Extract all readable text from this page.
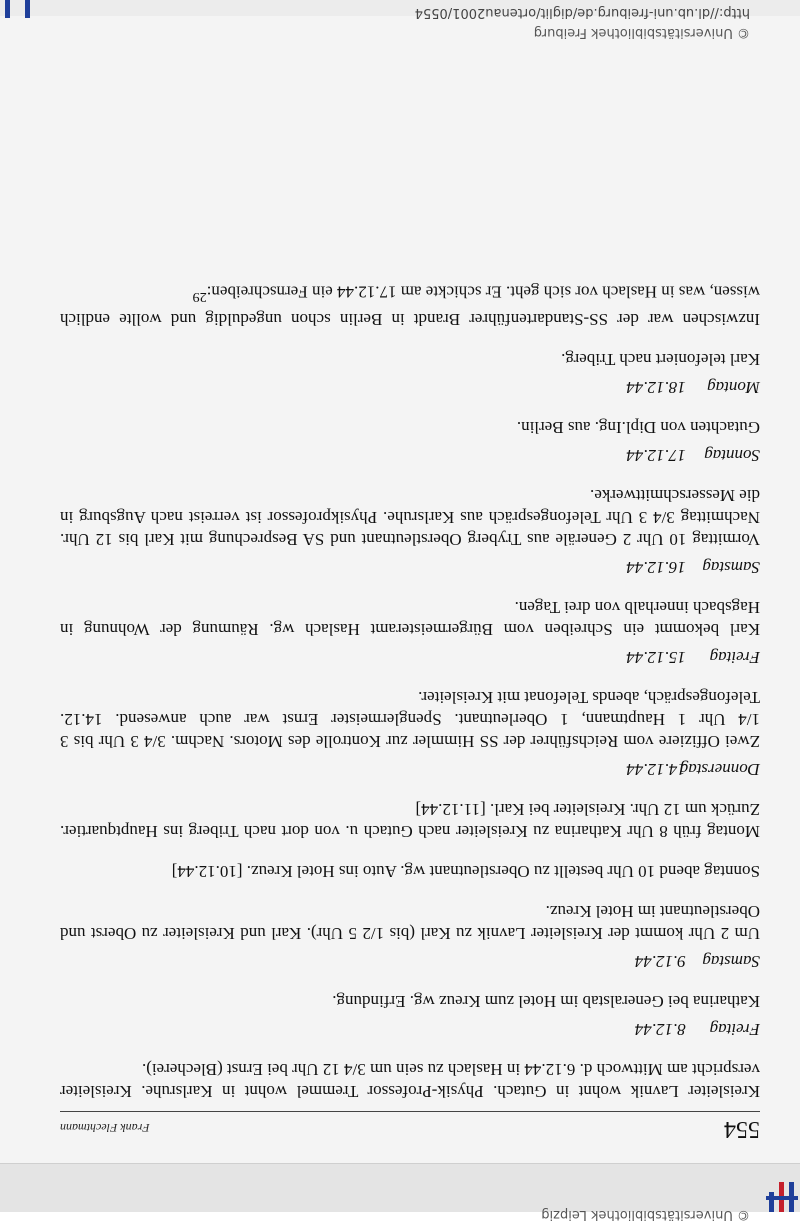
554
Frank Flechtmann

Kreisleiter Lavnik wohnt in Gutach. Physik-Professor Tremmel wohnt in Karlsruhe. Kreisleiter verspricht am Mittwoch d. 6.12.44 in Haslach zu sein um 3/4 12 Uhr bei Ernst (Blecherei).

Freitag 8.12.44

Katharina bei Generalstab im Hotel zum Kreuz wg. Erfindung.

Samstag 9.12.44

Um 2 Uhr kommt der Kreisleiter Lavnik zu Karl (bis 1/2 5 Uhr). Karl und Kreisleiter zu Oberst und Oberstleutnant im Hotel Kreuz.

Sonntag abend 10 Uhr bestellt zu Oberstleutnant wg. Auto ins Hotel Kreuz. [10.12.44]

Montag früh 8 Uhr Katharina zu Kreisleiter nach Gutach u. von dort nach Triberg ins Hauptquartier. Zurück um 12 Uhr. Kreisleiter bei Karl. [11.12.44]

Donnerstag 14.12.44

Zwei Offiziere vom Reichsführer der SS Himmler zur Kontrolle des Motors. Nachm. 3/4 3 Uhr bis 3 1/4 Uhr 1 Hauptmann, 1 Oberleutnant. Spenglermeister Ernst war auch anwesend. 14.12. Telefongespräch, abends Telefonat mit Kreisleiter.

Freitag 15.12.44

Karl bekommt ein Schreiben vom Bürgermeisteramt Haslach wg. Räumung der Wohnung in Hagsbach innerhalb von drei Tagen.

Samstag 16.12.44

Vormittag 10 Uhr 2 Generäle aus Tryberg Oberstleutnant und SA Besprechung mit Karl bis 12 Uhr. Nachmittag 3/4 3 Uhr Telefongespräch aus Karlsruhe. Physikprofessor ist verreist nach Augsburg in die Messerschmittwerke.

Sonntag 17.12.44

Gutachten von Dipl.Ing. aus Berlin.

Montag 18.12.44

Karl telefoniert nach Triberg.

Inzwischen war der SS-Standartenführer Brandt in Berlin schon ungeduldig und wollte endlich wissen, was in Haslach vor sich geht. Er schickte am 17.12.44 ein Fernschreiben:$^{29}$

http://dl.ub.uni-freiburg.de/diglit/ortenau2001/0554
© Universitätsbibliothek Freiburg
© Universitätsbibliothek Leipzig
